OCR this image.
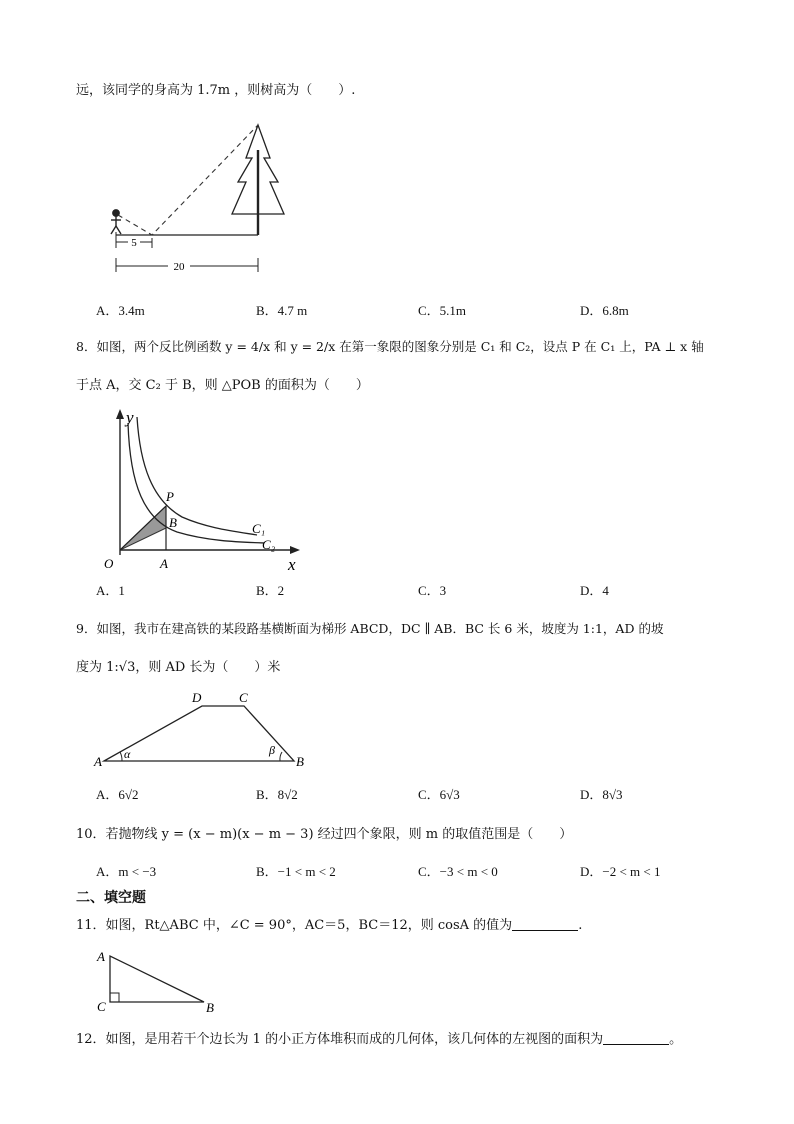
远，该同学的身高为 1.7m ，则树高为（　　）.
5
20
A．3.4m	B．4.7 m	C．5.1m	D．6.8m
8．如图，两个反比例函数 y = 4/x 和 y = 2/x 在第一象限的图象分别是 C₁ 和 C₂，设点 P 在 C₁ 上，PA ⊥ x 轴
于点 A，交 C₂ 于 B，则 △POB 的面积为（　　）
y
x
O
P
B
A
C₁
C₂
A．1	B．2	C．3	D．4
9．如图，我市在建高铁的某段路基横断面为梯形 ABCD，DC ∥ AB．BC 长 6 米，坡度为 1:1，AD 的坡
度为 1:√3，则 AD 长为（　　）米
A	B
C
D
α	β
A．6√2	B．8√2	C．6√3	D．8√3
10．若抛物线 y = (x − m)(x − m − 3) 经过四个象限，则 m 的取值范围是（　　）
A．m < −3	B．−1 < m < 2	C．−3 < m < 0	D．−2 < m < 1
二、填空题
11．如图，Rt△ABC 中，∠C = 90°，AC＝5，BC＝12，则 cosA 的值为	.
A
C	B
12．如图，是用若干个边长为 1 的小正方体堆积而成的几何体，该几何体的左视图的面积为	。
